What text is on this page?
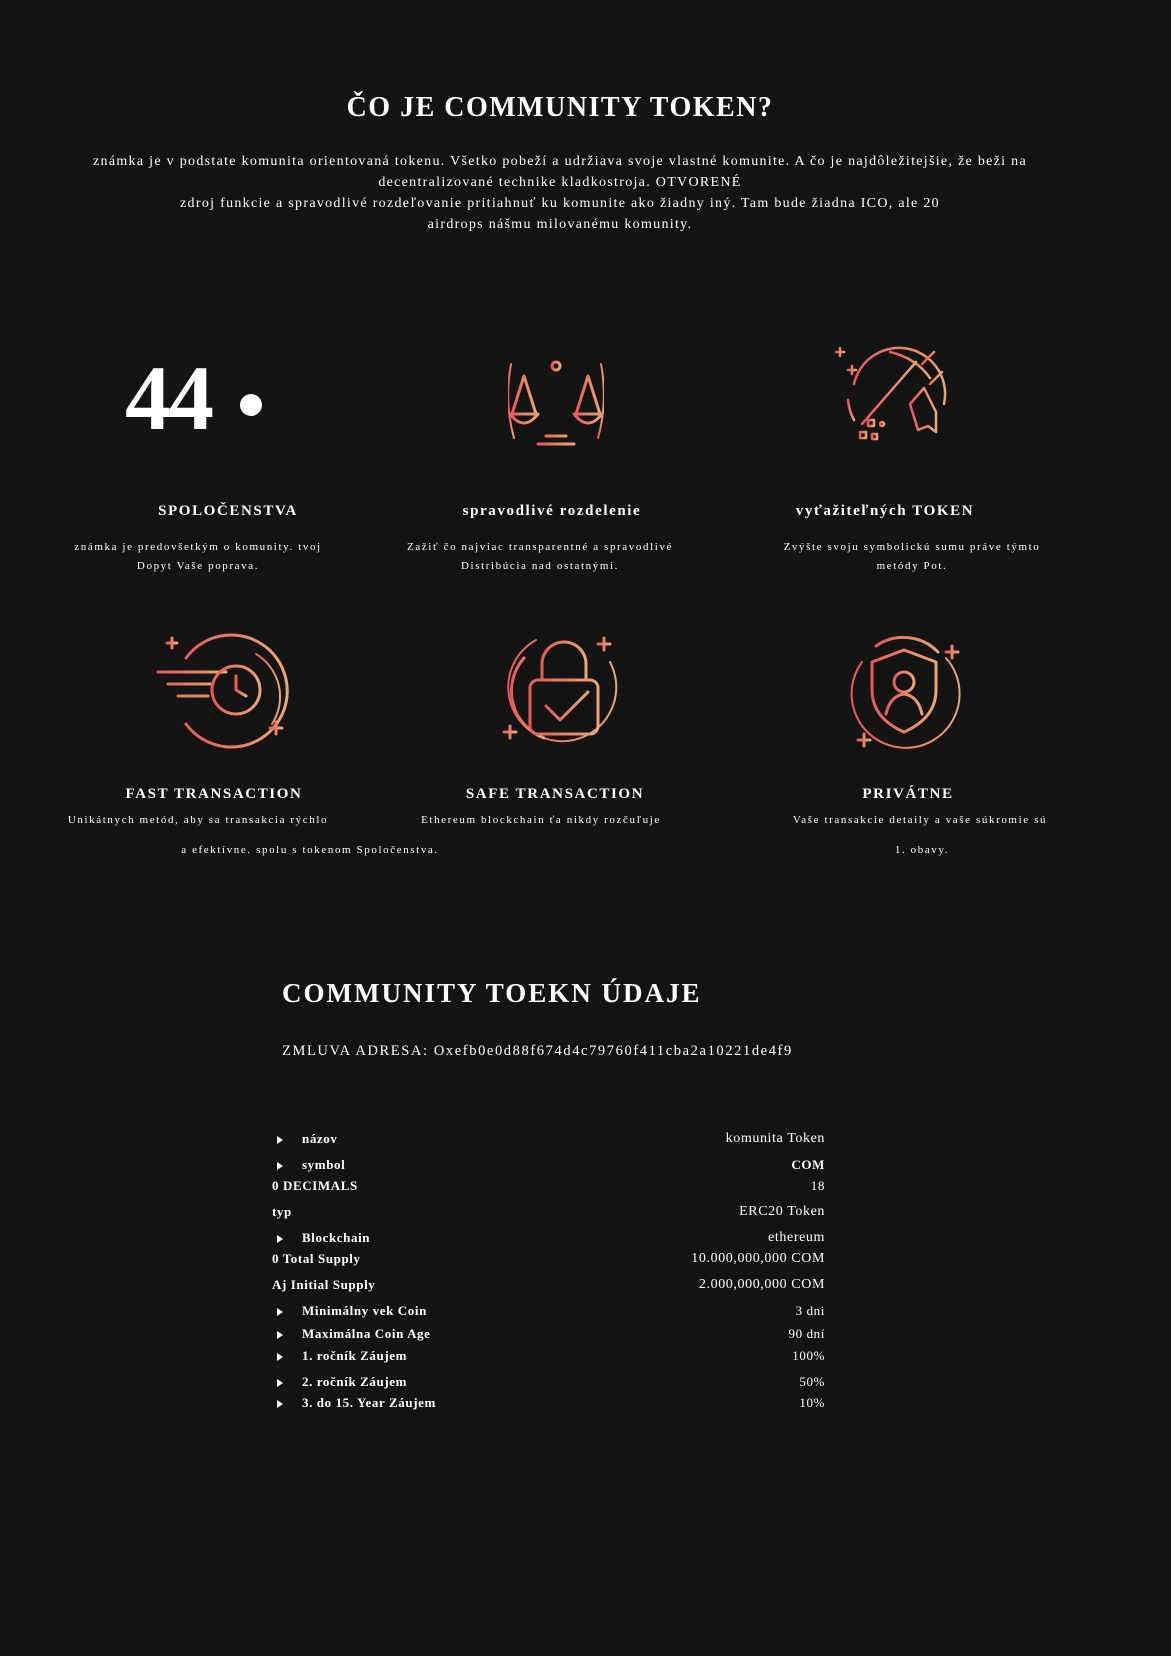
ČO JE COMMUNITY TOKEN?
známka je v podstate komunita orientovaná tokenu. Všetko pobeží a udržiava svoje vlastné komunite. A čo je najdôležitejšie, že beži na
decentralizované technike kladkostroja. OTVORENÉ
zdroj funkcie a spravodlivé rozdeľovanie pritiahnuť ku komunite ako žiadny iný. Tam bude žiadna ICO, ale 20
airdrops nášmu milovanému komunity.
44
SPOLOČENSTVA
známka je predovšetkým o komunity. tvoj
Dopyt Vaše poprava.
spravodlivé rozdelenie
Zažiť čo najviac transparentné a spravodlivé
Distribúcia nad ostatnými.
vyťažiteľných TOKEN
Zvýšte svoju symbolickú sumu práve týmto
metódy Pot.
FAST TRANSACTION
Unikátnych metód, aby sa transakcia rýchlo
a efektívne. spolu s tokenom Spoločenstva.
SAFE TRANSACTION
Ethereum blockchain ťa nikdy rozčuľuje
PRIVÁTNE
Vaše transakcie detaily a vaše súkromie sú
1. obavy.
COMMUNITY TOEKN ÚDAJE
ZMLUVA ADRESA: Oxefb0e0d88f674d4c79760f411cba2a10221de4f9
názov	komunita Token
symbol	COM
0 DECIMALS	18
typ	ERC20 Token
Blockchain	ethereum
0 Total Supply	10.000,000,000 COM
Aj Initial Supply	2.000,000,000 COM
Minimálny vek Coin	3 dni
Maximálna Coin Age	90 dní
1. ročník Záujem	100%
2. ročník Záujem	50%
3. do 15. Year Záujem	10%
